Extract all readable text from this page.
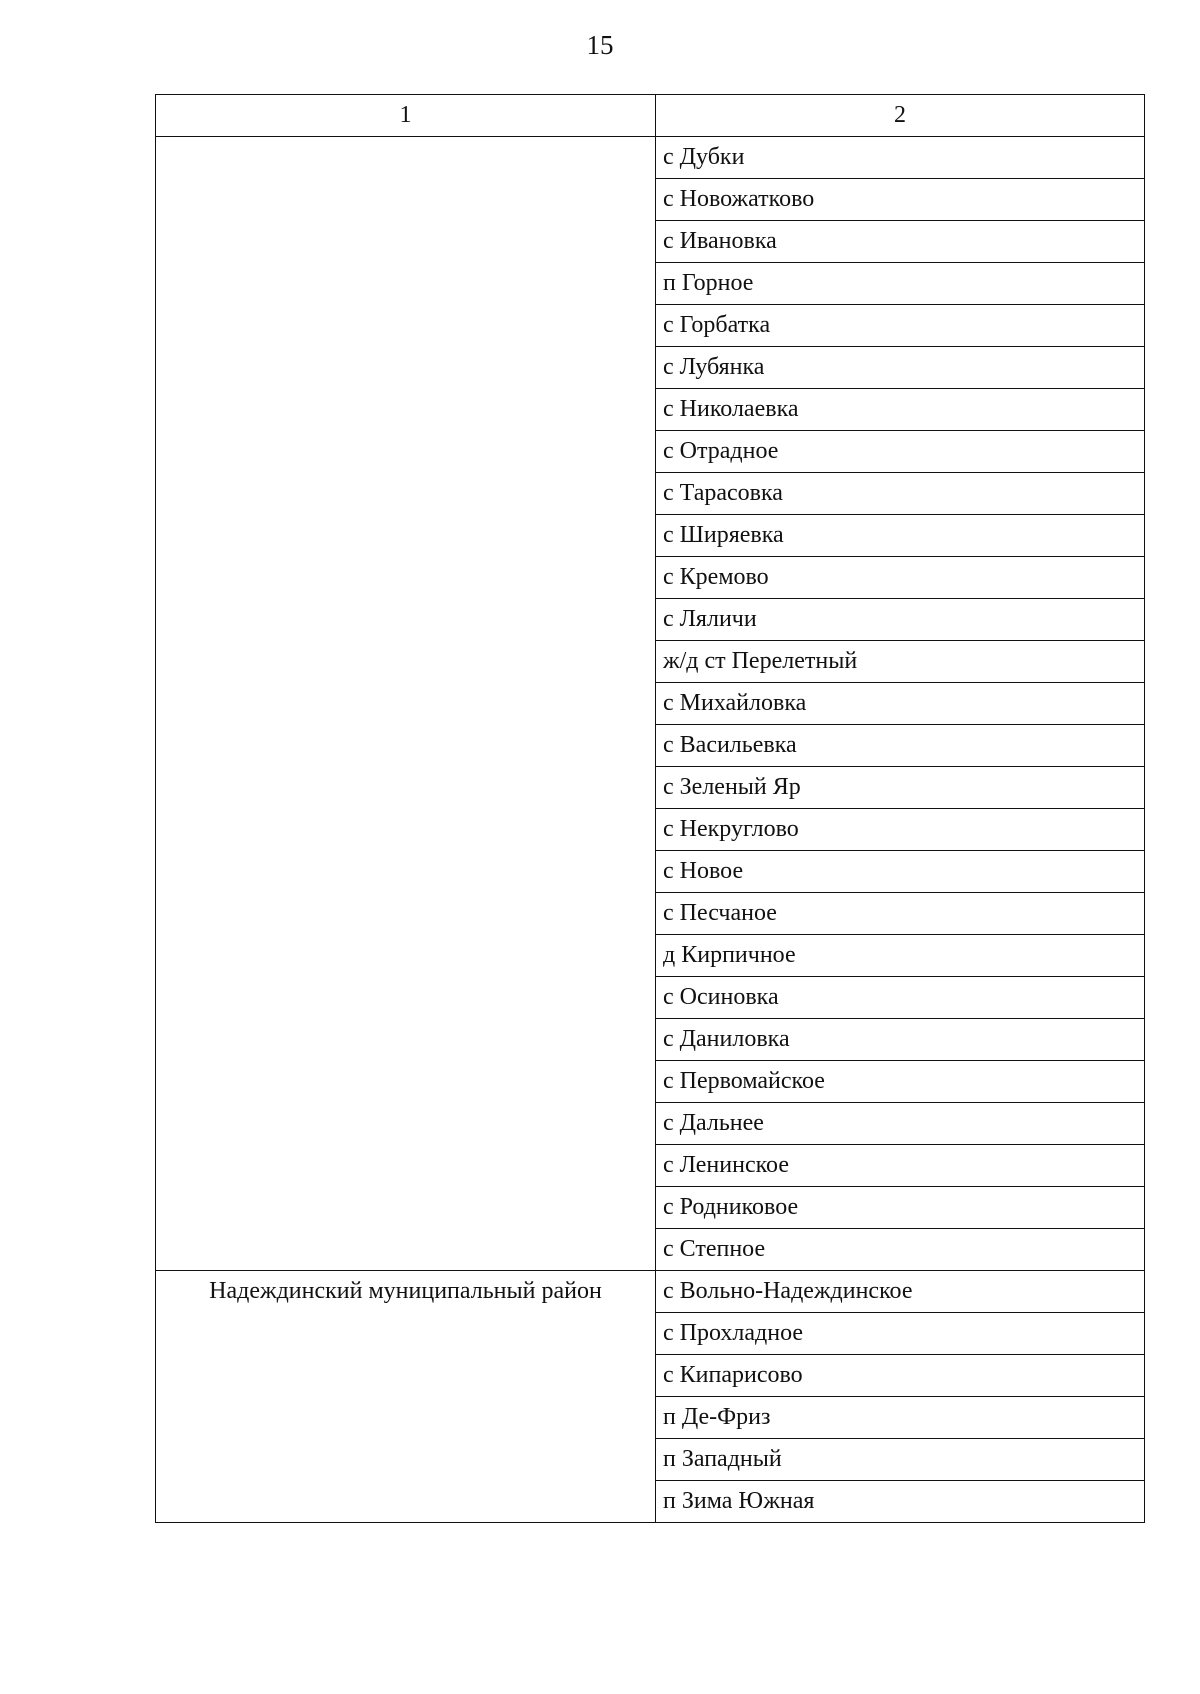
15
1	2
	с Дубки
	с Новожатково
	с Ивановка
	п Горное
	с Горбатка
	с Лубянка
	с Николаевка
	с Отрадное
	с Тарасовка
	с Ширяевка
	с Кремово
	с Ляличи
	ж/д ст Перелетный
	с Михайловка
	с Васильевка
	с Зеленый Яр
	с Некруглово
	с Новое
	с Песчаное
	д Кирпичное
	с Осиновка
	с Даниловка
	с Первомайское
	с Дальнее
	с Ленинское
	с Родниковое
	с Степное
Надеждинский муниципальный район	с Вольно-Надеждинское
	с Прохладное
	с Кипарисово
	п Де-Фриз
	п Западный
	п Зима Южная
